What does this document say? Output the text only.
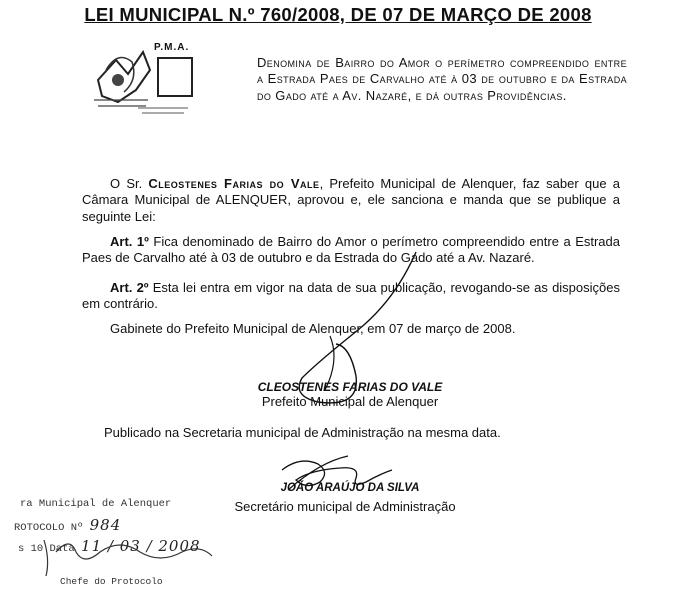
LEI MUNICIPAL N.º 760/2008, DE 07 DE MARÇO DE 2008
P.M.A.
Denomina de Bairro do Amor o perímetro compreendido entre a Estrada Paes de Carvalho até à 03 de outubro e da Estrada do Gado até a Av. Nazaré, e dá outras Providências.
O Sr. Cleostenes Farias do Vale, Prefeito Municipal de Alenquer, faz saber que a Câmara Municipal de ALENQUER, aprovou e, ele sanciona e manda que se publique a seguinte Lei:
Art. 1º Fica denominado de Bairro do Amor o perímetro compreendido entre a Estrada Paes de Carvalho até à 03 de outubro e da Estrada do Gado até a Av. Nazaré.
Art. 2º Esta lei entra em vigor na data de sua publicação, revogando-se as disposições em contrário.
Gabinete do Prefeito Municipal de Alenquer, em 07 de março de 2008.
CLEOSTENES FARIAS DO VALE
Prefeito Municipal de Alenquer
Publicado na Secretaria municipal de Administração na mesma data.
JOÃO ARAÚJO DA SILVA
Secretário municipal de Administração
ra Municipal de Alenquer
ROTOCOLO Nº 984
s 10 Data 11 / 03 / 2008
Chefe do Protocolo
